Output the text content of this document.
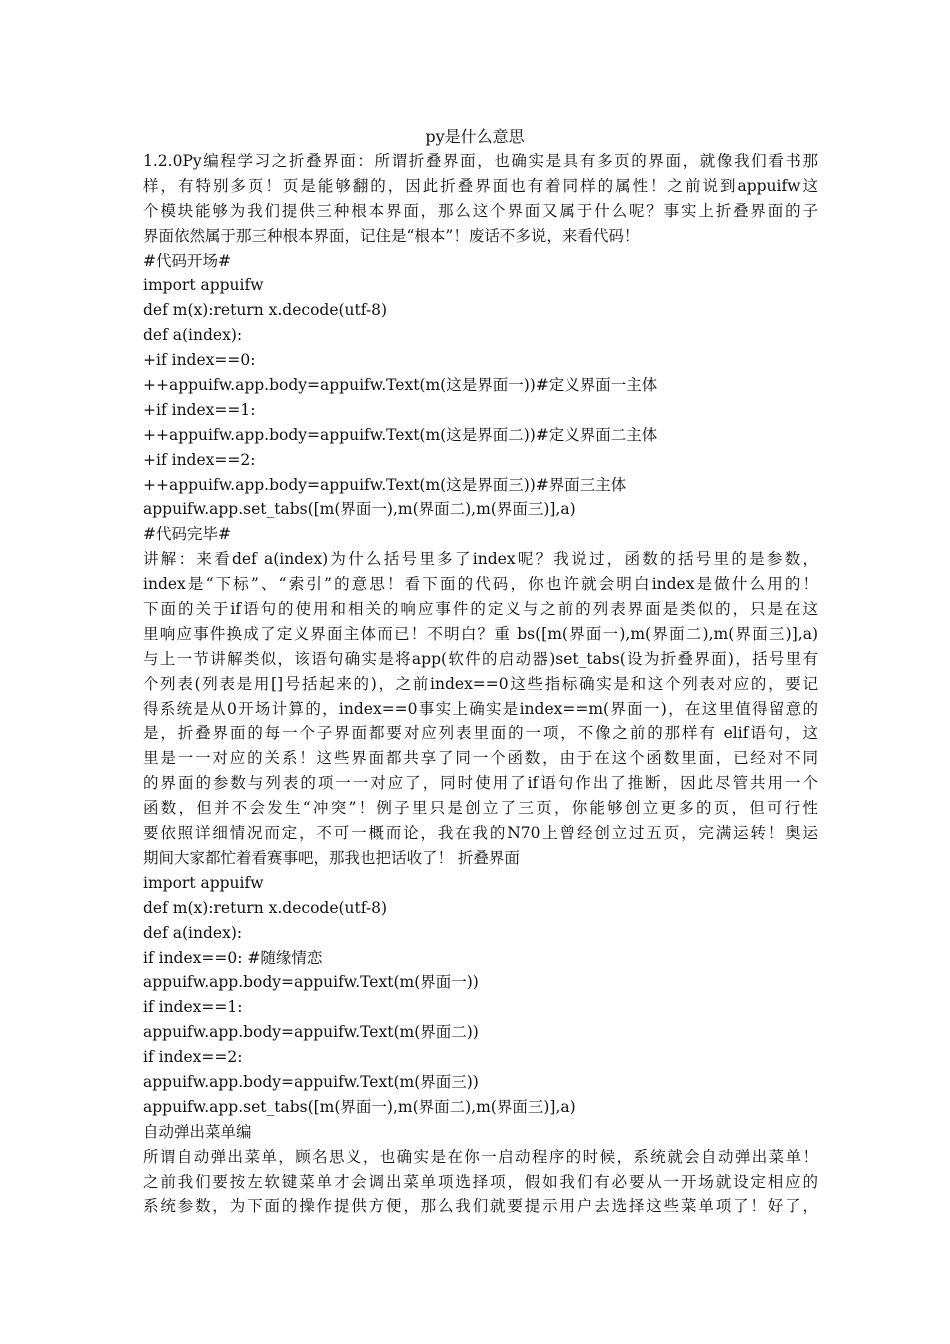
py是什么意思
1.2.0Py编程学习之折叠界面：所谓折叠界面，也确实是具有多页的界面，就像我们看书那
样，有特别多页！页是能够翻的，因此折叠界面也有着同样的属性！之前说到appuifw这
个模块能够为我们提供三种根本界面，那么这个界面又属于什么呢？事实上折叠界面的子
界面依然属于那三种根本界面，记住是“根本”！废话不多说，来看代码！
#代码开场#
import appuifw
def m(x):return x.decode(utf-8)
def a(index):
+if index==0:
++appuifw.app.body=appuifw.Text(m(这是界面一))#定义界面一主体
+if index==1:
++appuifw.app.body=appuifw.Text(m(这是界面二))#定义界面二主体
+if index==2:
++appuifw.app.body=appuifw.Text(m(这是界面三))#界面三主体
appuifw.app.set_tabs([m(界面一),m(界面二),m(界面三)],a)
#代码完毕#
讲解：来看def a(index)为什么括号里多了index呢？我说过，函数的括号里的是参数，
index是“下标”、“索引”的意思！看下面的代码，你也许就会明白index是做什么用的！
下面的关于if语句的使用和相关的响应事件的定义与之前的列表界面是类似的，只是在这
里响应事件换成了定义界面主体而已！不明白？重 bs([m(界面一),m(界面二),m(界面三)],a)
与上一节讲解类似，该语句确实是将app(软件的启动器)set_tabs(设为折叠界面)，括号里有
个列表(列表是用[]号括起来的)，之前index==0这些指标确实是和这个列表对应的，要记
得系统是从0开场计算的，index==0事实上确实是index==m(界面一)，在这里值得留意的
是，折叠界面的每一个子界面都要对应列表里面的一项，不像之前的那样有 elif语句，这
里是一一对应的关系！这些界面都共享了同一个函数，由于在这个函数里面，已经对不同
的界面的参数与列表的项一一对应了，同时使用了if语句作出了推断，因此尽管共用一个
函数，但并不会发生“冲突”！例子里只是创立了三页，你能够创立更多的页，但可行性
要依照详细情况而定，不可一概而论，我在我的N70上曾经创立过五页，完满运转！奥运
期间大家都忙着看赛事吧，那我也把话收了！ 折叠界面
import appuifw
def m(x):return x.decode(utf-8)
def a(index):
if index==0: #随缘情恋
appuifw.app.body=appuifw.Text(m(界面一))
if index==1:
appuifw.app.body=appuifw.Text(m(界面二))
if index==2:
appuifw.app.body=appuifw.Text(m(界面三))
appuifw.app.set_tabs([m(界面一),m(界面二),m(界面三)],a)
自动弹出菜单编
所谓自动弹出菜单，顾名思义，也确实是在你一启动程序的时候，系统就会自动弹出菜单！
之前我们要按左软键菜单才会调出菜单项选择项，假如我们有必要从一开场就设定相应的
系统参数，为下面的操作提供方便，那么我们就要提示用户去选择这些菜单项了！好了，
